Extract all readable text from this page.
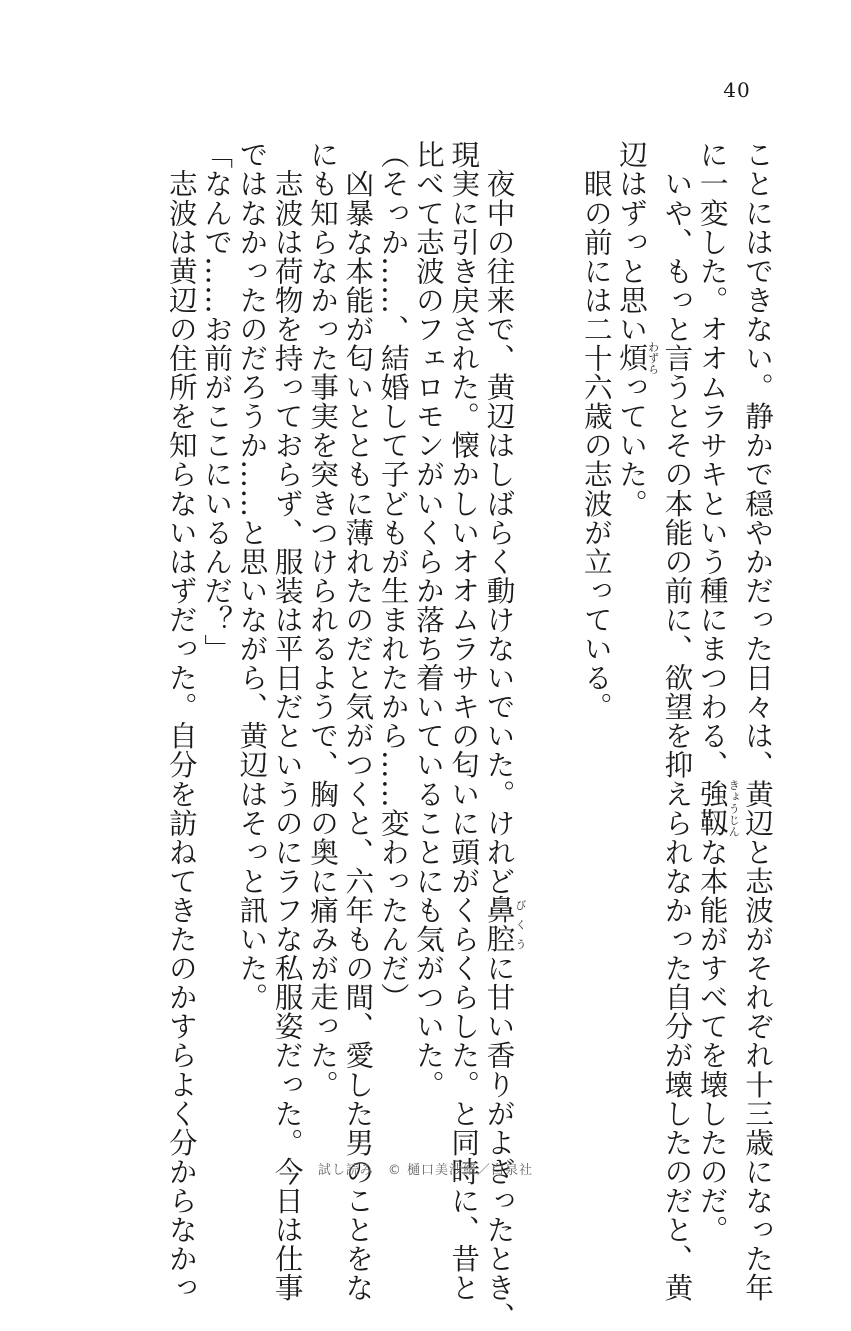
40
ことにはできない。静かで穏やかだった日々は、黄辺と志波がそれぞれ十三歳になった年
に一変した。オオムラサキという種にまつわる、強靱きょうじんな本能がすべてを壊したのだ。
　いや、もっと言うとその本能の前に、欲望を抑えられなかった自分が壊したのだと、黄
辺はずっと思い煩わずらっていた。
　眼の前には二十六歳の志波が立っている。
　夜中の往来で、黄辺はしばらく動けないでいた。けれど鼻腔びくうに甘い香りがよぎったとき、
現実に引き戻された。懐かしいオオムラサキの匂いに頭がくらくらした。と同時に、昔と
比べて志波のフェロモンがいくらか落ち着いていることにも気がついた。
（そっか……、結婚して子どもが生まれたから……変わったんだ）
　凶暴な本能が匂いとともに薄れたのだと気がつくと、六年もの間、愛した男のことをな
にも知らなかった事実を突きつけられるようで、胸の奥に痛みが走った。
　志波は荷物を持っておらず、服装は平日だというのにラフな私服姿だった。今日は仕事
ではなかったのだろうか……と思いながら、黄辺はそっと訊いた。
「なんで……お前がここにいるんだ？」
　志波は黄辺の住所を知らないはずだった。自分を訪ねてきたのかすらよく分からなかっ	試し読み　© 樋口美沙緒／白泉社
